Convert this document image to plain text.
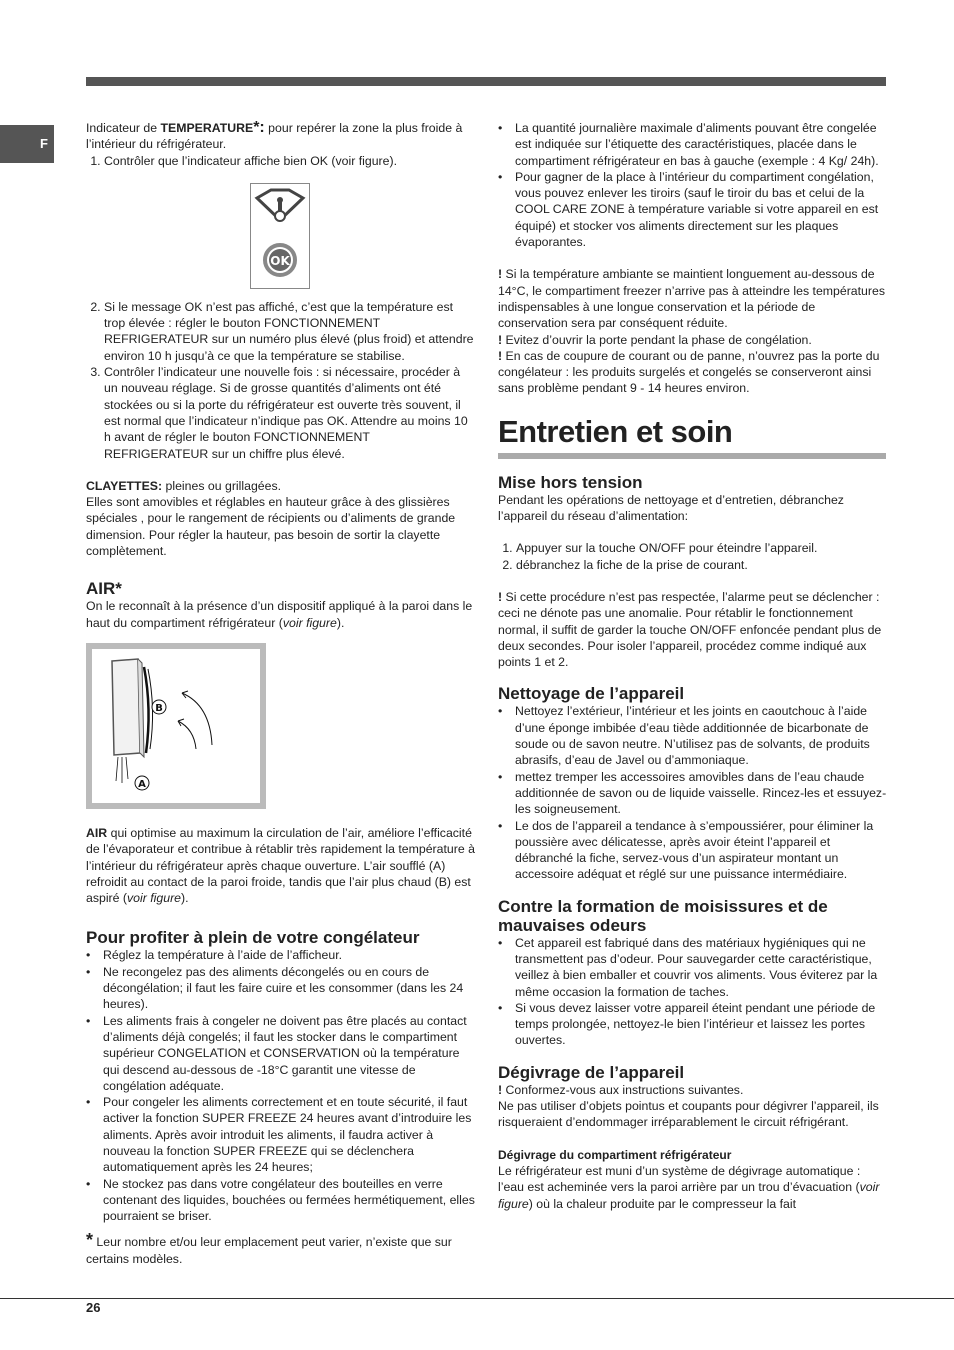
F

Indicateur de TEMPERATURE*: pour repérer la zone la plus froide à l’intérieur du réfrigérateur.

1. Contrôler que l’indicateur affiche bien OK (voir figure).
OK
2. Si le message OK n’est pas affiché, c’est que la température est trop élevée : régler le bouton FONCTIONNEMENT REFRIGERATEUR sur un numéro plus élevé (plus froid) et attendre environ 10 h jusqu’à ce que la température se stabilise.
3. Contrôler l’indicateur une nouvelle fois : si nécessaire, procéder à un nouveau réglage. Si de grosse quantités d’aliments ont été stockées ou si la porte du réfrigérateur est ouverte très souvent, il est normal que l’indicateur n’indique pas OK. Attendre au moins 10 h avant de régler le bouton FONCTIONNEMENT REFRIGERATEUR sur un chiffre plus élevé.

CLAYETTES: pleines ou grillagées.

Elles sont amovibles et réglables en hauteur grâce à des glissières spéciales , pour le rangement de récipients ou d’aliments de grande dimension. Pour régler la hauteur, pas besoin de sortir la clayette complètement.

AIR*

On le reconnaît à la présence d’un dispositif appliqué à la paroi dans le haut du compartiment réfrigérateur (voir figure).

B
A

AIR qui optimise au maximum la circulation de l’air, améliore l’efficacité de l’évaporateur et contribue à rétablir très rapidement la température à l’intérieur du réfrigérateur après chaque ouverture. L’air soufflé (A) refroidit au contact de la paroi froide, tandis que l’air plus chaud (B) est aspiré (voir figure).

Pour profiter à plein de votre congélateur
• Réglez la température à l’aide de l’afficheur.
• Ne recongelez pas des aliments décongelés ou en cours de décongélation; il faut les faire cuire et les consommer (dans les 24 heures).
• Les aliments frais à congeler ne doivent pas être placés au contact d’aliments déjà congelés; il faut les stocker dans le compartiment supérieur CONGELATION et CONSERVATION où la température qui descend au-dessous de -18°C garantit une vitesse de congélation adéquate.
• Pour congeler les aliments correctement et en toute sécurité, il faut activer la fonction SUPER FREEZE 24 heures avant d’introduire les aliments. Après avoir introduit les aliments, il faudra activer à nouveau la fonction SUPER FREEZE qui se déclenchera automatiquement après les 24 heures;
• Ne stockez pas dans votre congélateur des bouteilles en verre contenant des liquides, bouchées ou fermées hermétiquement, elles pourraient se briser.

* Leur nombre et/ou leur emplacement peut varier, n’existe que sur certains modèles.

• La quantité journalière maximale d’aliments pouvant être congelée est indiquée sur l’étiquette des caractéristiques, placée dans le compartiment réfrigérateur en bas à gauche (exemple : 4 Kg/ 24h).
• Pour gagner de la place à l’intérieur du compartiment congélation, vous pouvez enlever les tiroirs (sauf le tiroir du bas et celui de la COOL CARE ZONE à température variable si votre appareil en est équipé) et stocker vos aliments directement sur les plaques évaporantes.

! Si la température ambiante se maintient longuement au-dessous de 14°C, le compartiment freezer n’arrive pas à atteindre les températures indispensables à une longue conservation et la période de conservation sera par conséquent réduite.

! Evitez d’ouvrir la porte pendant la phase de congélation.

! En cas de coupure de courant ou de panne, n’ouvrez pas la porte du congélateur : les produits surgelés et congelés se conserveront ainsi sans problème pendant 9 - 14 heures environ.

Entretien et soin
Mise hors tension

Pendant les opérations de nettoyage et d’entretien, débranchez l’appareil du réseau d’alimentation:

1. Appuyer sur la touche ON/OFF pour éteindre l’appareil.
2. débranchez la fiche de la prise de courant.

! Si cette procédure n’est pas respectée, l’alarme peut se déclencher : ceci ne dénote pas une anomalie. Pour rétablir le fonctionnement normal, il suffit de garder la touche ON/OFF enfoncée pendant plus de deux secondes. Pour isoler l’appareil, procédez comme indiqué aux points 1 et 2.

Nettoyage de l’appareil
• Nettoyez l’extérieur, l’intérieur et les joints en caoutchouc à l’aide d’une éponge imbibée d’eau tiède additionnée de bicarbonate de soude ou de savon neutre. N’utilisez pas de solvants, de produits abrasifs, d’eau de Javel ou d’ammoniaque.
• mettez tremper les accessoires amovibles dans de l’eau chaude additionnée de savon ou de liquide vaisselle. Rincez-les et essuyez-les soigneusement.
• Le dos de l’appareil a tendance à s’empoussiérer, pour éliminer la poussière avec délicatesse, après avoir éteint l’appareil et débranché la fiche, servez-vous d’un aspirateur montant un accessoire adéquat et réglé sur une puissance intermédiaire.
Contre la formation de moisissures et de mauvaises odeurs
• Cet appareil est fabriqué dans des matériaux hygiéniques qui ne transmettent pas d’odeur. Pour sauvegarder cette caractéristique, veillez à bien emballer et couvrir vos aliments. Vous éviterez par la même occasion la formation de taches.
• Si vous devez laisser votre appareil éteint pendant une période de temps prolongée, nettoyez-le bien l’intérieur et laissez les portes ouvertes.
Dégivrage de l’appareil

! Conformez-vous aux instructions suivantes.

Ne pas utiliser d’objets pointus et coupants pour dégivrer l’appareil, ils risqueraient d’endommager irréparablement le circuit réfrigérant.

Dégivrage du compartiment réfrigérateur

Le réfrigérateur est muni d’un système de dégivrage automatique : l’eau est acheminée vers la paroi arrière par un trou d’évacuation (voir figure) où la chaleur produite par le compresseur la fait

26
